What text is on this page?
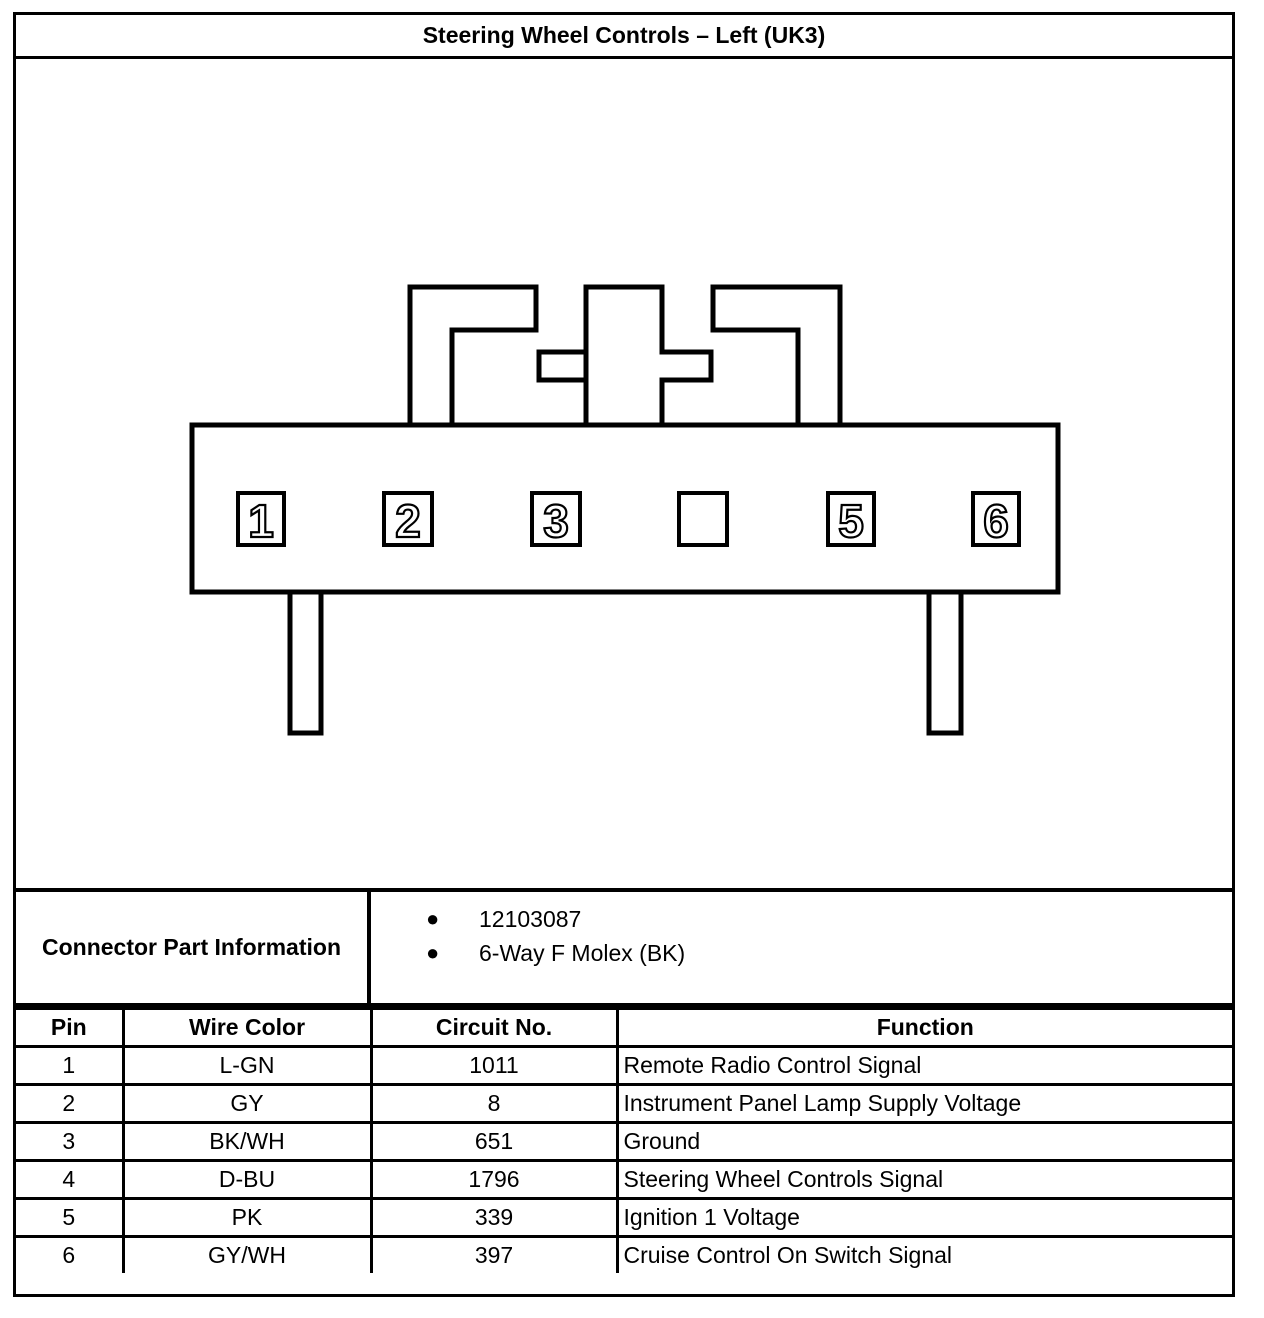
Steering Wheel Controls – Left (UK3)
1	2	3	5	6
Connector Part Information
● 12103087
● 6-Way F Molex (BK)
Pin	Wire Color	Circuit No.	Function
1	L-GN	1011	Remote Radio Control Signal
2	GY	8	Instrument Panel Lamp Supply Voltage
3	BK/WH	651	Ground
4	D-BU	1796	Steering Wheel Controls Signal
5	PK	339	Ignition 1 Voltage
6	GY/WH	397	Cruise Control On Switch Signal
